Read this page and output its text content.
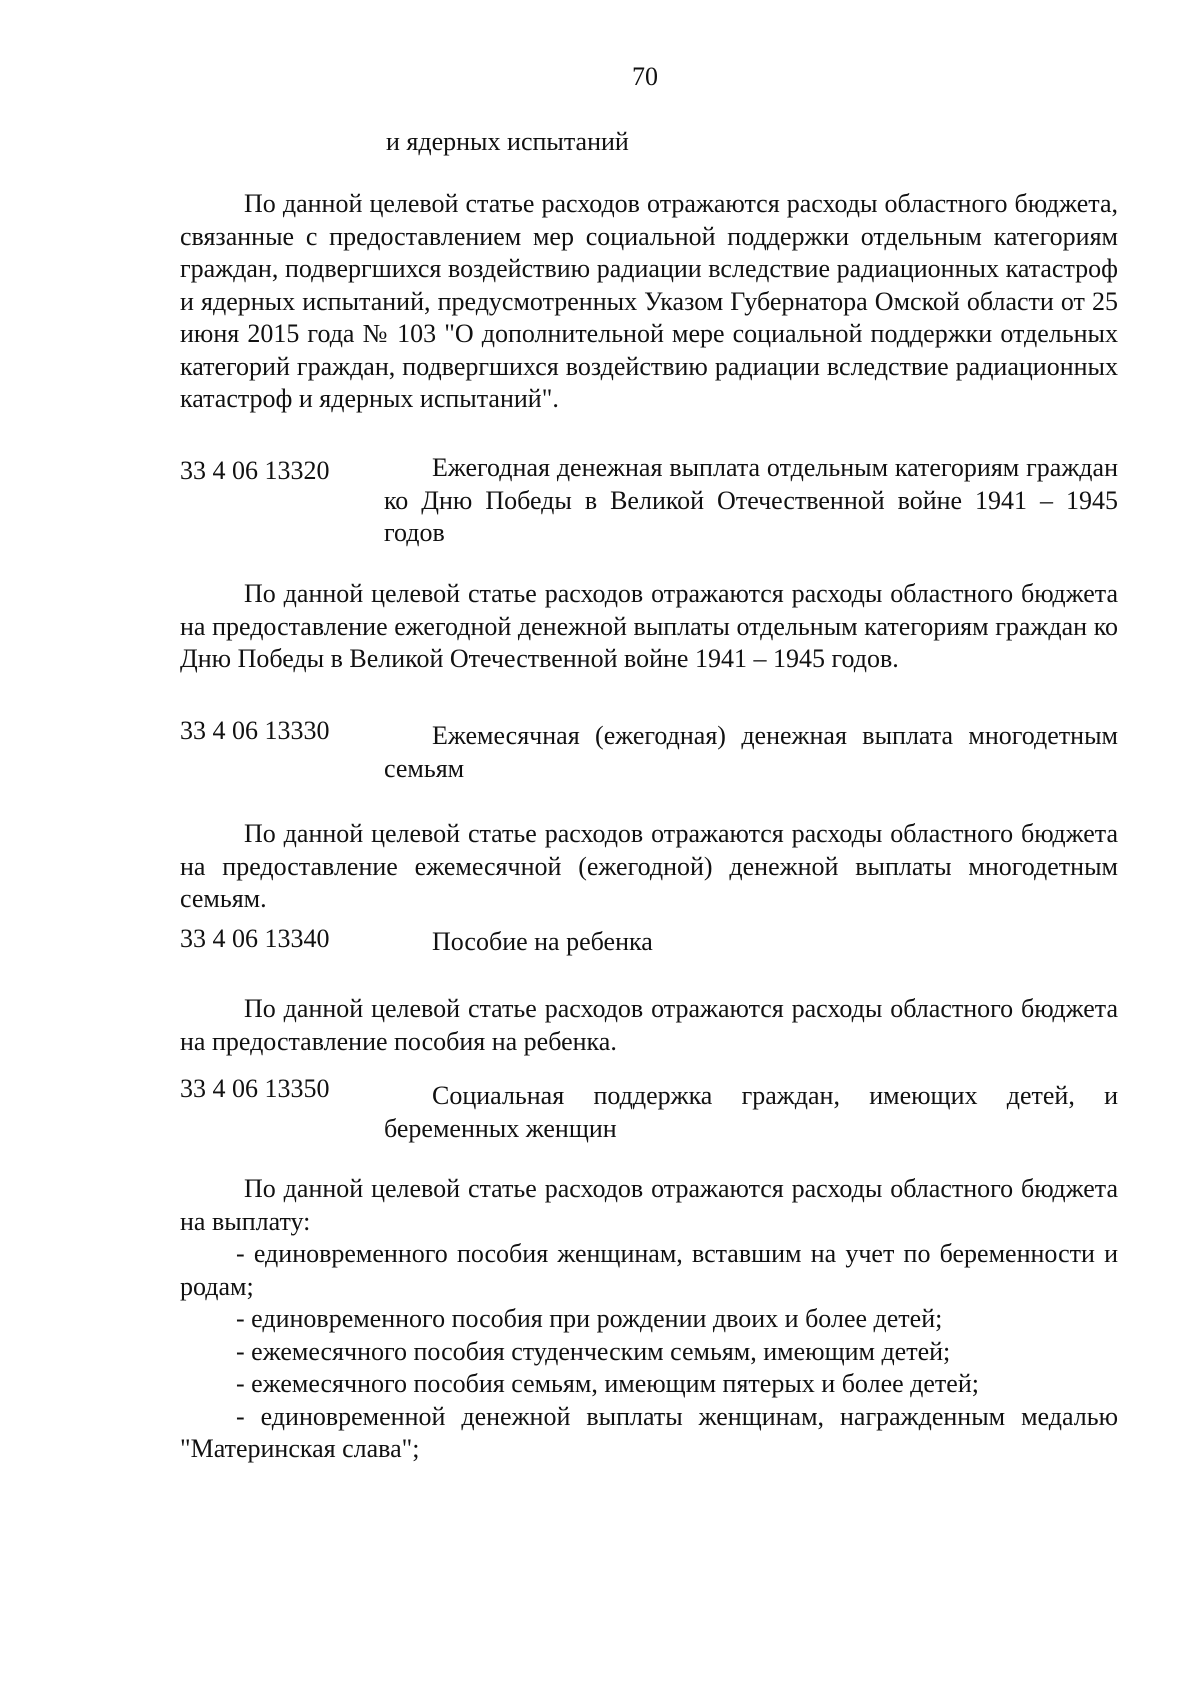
70
и ядерных испытаний
По данной целевой статье расходов отражаются расходы областного бюджета, связанные с предоставлением мер социальной поддержки отдельным категориям граждан, подвергшихся воздействию радиации вследствие радиационных катастроф и ядерных испытаний, предусмотренных Указом Губернатора Омской области от 25 июня 2015 года № 103 "О дополнительной мере социальной поддержки отдельных категорий граждан, подвергшихся воздействию радиации вследствие радиационных катастроф и ядерных испытаний".
33 4 06 13320	Ежегодная денежная выплата отдельным категориям граждан ко Дню Победы в Великой Отечественной войне 1941 – 1945 годов
По данной целевой статье расходов отражаются расходы областного бюджета на предоставление ежегодной денежной выплаты отдельным категориям граждан ко Дню Победы в Великой Отечественной войне 1941 – 1945 годов.
33 4 06 13330	Ежемесячная (ежегодная) денежная выплата многодетным семьям
По данной целевой статье расходов отражаются расходы областного бюджета на предоставление ежемесячной (ежегодной) денежной выплаты многодетным семьям.
33 4 06 13340	Пособие на ребенка
По данной целевой статье расходов отражаются расходы областного бюджета на предоставление пособия на ребенка.
33 4 06 13350	Социальная поддержка граждан, имеющих детей, и беременных женщин
По данной целевой статье расходов отражаются расходы областного бюджета на выплату:
- единовременного пособия женщинам, вставшим на учет по беременности и родам;
- единовременного пособия при рождении двоих и более детей;
- ежемесячного пособия студенческим семьям, имеющим детей;
- ежемесячного пособия семьям, имеющим пятерых и более детей;
- единовременной денежной выплаты женщинам, награжденным медалью "Материнская слава";
